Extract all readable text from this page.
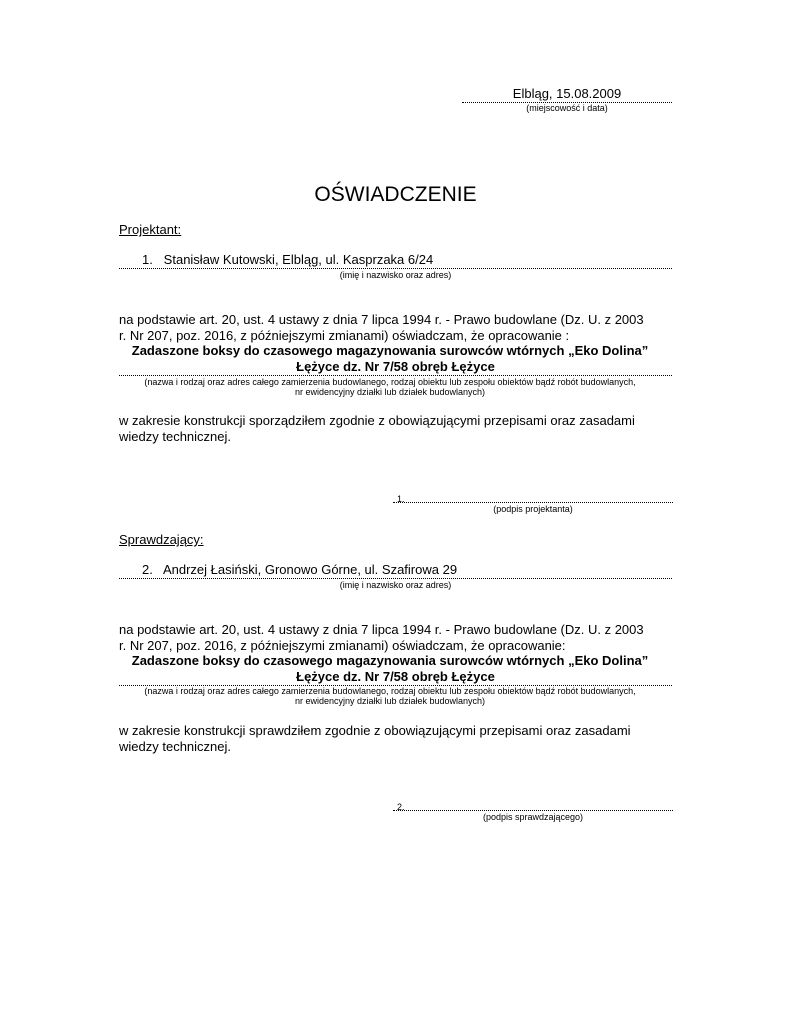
Elbląg, 15.08.2009
(miejscowość i data)
OŚWIADCZENIE
Projektant:
1.   Stanisław Kutowski, Elbląg, ul. Kasprzaka 6/24
(imię i nazwisko oraz adres)
na podstawie art. 20, ust. 4 ustawy z dnia 7 lipca 1994 r. - Prawo budowlane (Dz. U. z 2003
r. Nr 207, poz. 2016, z późniejszymi zmianami) oświadczam, że opracowanie :
Zadaszone boksy do czasowego magazynowania surowców wtórnych „Eko Dolina”
Łężyce dz. Nr 7/58 obręb Łężyce
(nazwa i rodzaj oraz adres całego zamierzenia budowlanego, rodzaj obiektu lub zespołu obiektów bądź robót budowlanych,
nr ewidencyjny działki lub działek budowlanych)
w zakresie konstrukcji sporządziłem zgodnie z obowiązującymi przepisami oraz zasadami
wiedzy technicznej.
1.
(podpis projektanta)
Sprawdzający:
2.   Andrzej Łasiński, Gronowo Górne, ul. Szafirowa 29
(imię i nazwisko oraz adres)
na podstawie art. 20, ust. 4 ustawy z dnia 7 lipca 1994 r. - Prawo budowlane (Dz. U. z 2003
r. Nr 207, poz. 2016, z późniejszymi zmianami) oświadczam, że opracowanie:
Zadaszone boksy do czasowego magazynowania surowców wtórnych „Eko Dolina”
Łężyce dz. Nr 7/58 obręb Łężyce
(nazwa i rodzaj oraz adres całego zamierzenia budowlanego, rodzaj obiektu lub zespołu obiektów bądź robót budowlanych,
nr ewidencyjny działki lub działek budowlanych)
w zakresie konstrukcji sprawdziłem zgodnie z obowiązującymi przepisami oraz zasadami
wiedzy technicznej.
2.
(podpis sprawdzającego)
